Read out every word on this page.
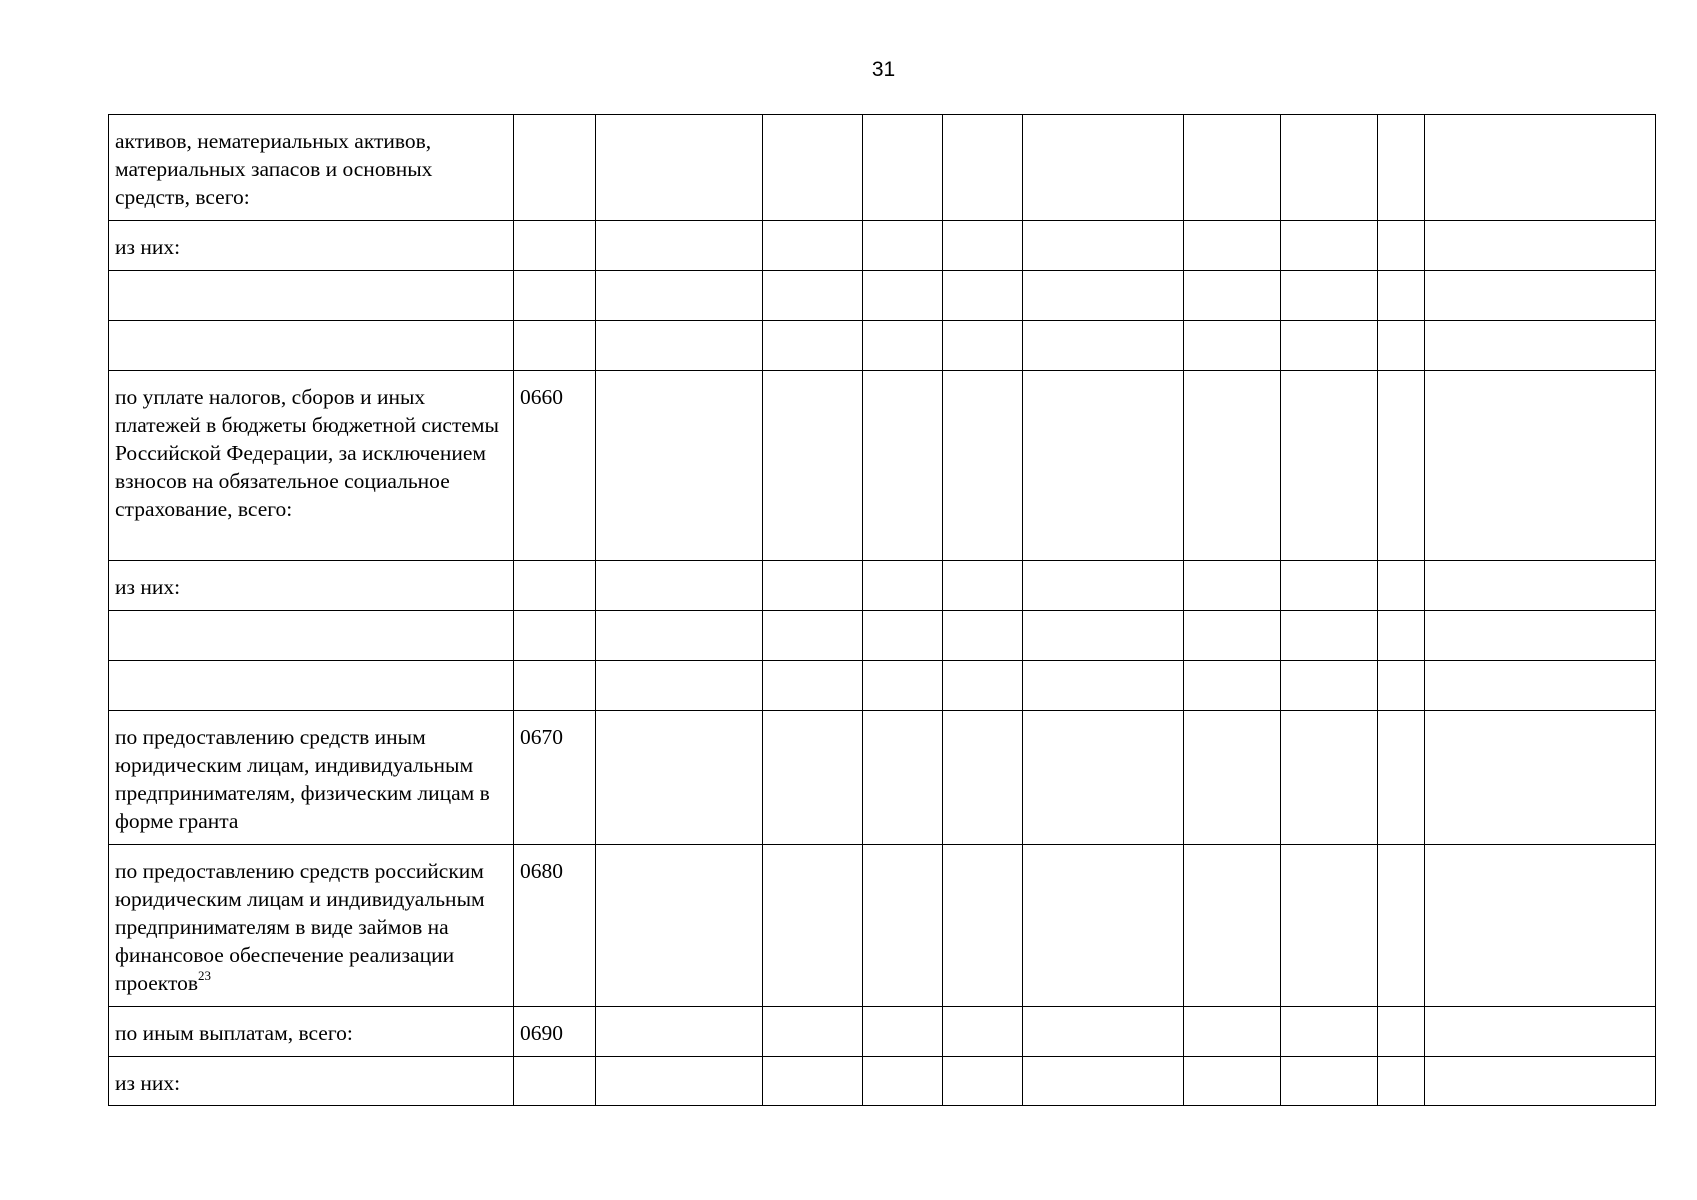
31
активов, нематериальных активов, материальных запасов и основных средств, всего:										
из них:										

по уплате налогов, сборов и иных платежей в бюджеты бюджетной системы Российской Федерации, за исключением взносов на обязательное социальное страхование, всего:	0660									
из них:										

по предоставлению средств иным юридическим лицам, индивидуальным предпринимателям, физическим лицам в форме гранта	0670									
по предоставлению средств российским юридическим лицам и индивидуальным предпринимателям в виде займов на финансовое обеспечение реализации проектов$^{23}$	0680									
по иным выплатам, всего:	0690									
из них:										
